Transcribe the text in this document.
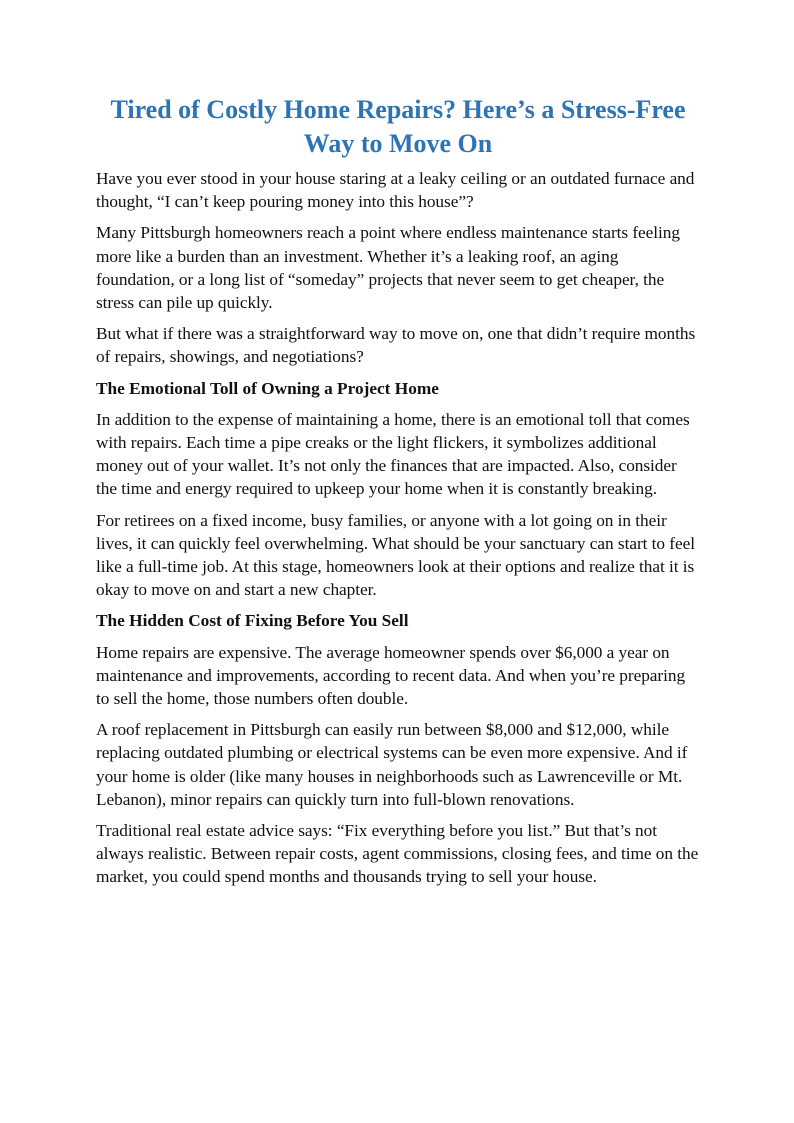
Tired of Costly Home Repairs? Here’s a Stress-Free Way to Move On

Have you ever stood in your house staring at a leaky ceiling or an outdated furnace and thought, “I can’t keep pouring money into this house”?

Many Pittsburgh homeowners reach a point where endless maintenance starts feeling more like a burden than an investment. Whether it’s a leaking roof, an aging foundation, or a long list of “someday” projects that never seem to get cheaper, the stress can pile up quickly.

But what if there was a straightforward way to move on, one that didn’t require months of repairs, showings, and negotiations?

The Emotional Toll of Owning a Project Home

In addition to the expense of maintaining a home, there is an emotional toll that comes with repairs. Each time a pipe creaks or the light flickers, it symbolizes additional money out of your wallet. It’s not only the finances that are impacted. Also, consider the time and energy required to upkeep your home when it is constantly breaking.

For retirees on a fixed income, busy families, or anyone with a lot going on in their lives, it can quickly feel overwhelming. What should be your sanctuary can start to feel like a full-time job. At this stage, homeowners look at their options and realize that it is okay to move on and start a new chapter.

The Hidden Cost of Fixing Before You Sell

Home repairs are expensive. The average homeowner spends over $6,000 a year on maintenance and improvements, according to recent data. And when you’re preparing to sell the home, those numbers often double.

A roof replacement in Pittsburgh can easily run between $8,000 and $12,000, while replacing outdated plumbing or electrical systems can be even more expensive. And if your home is older (like many houses in neighborhoods such as Lawrenceville or Mt. Lebanon), minor repairs can quickly turn into full-blown renovations.

Traditional real estate advice says: “Fix everything before you list.” But that’s not always realistic. Between repair costs, agent commissions, closing fees, and time on the market, you could spend months and thousands trying to sell your house.
